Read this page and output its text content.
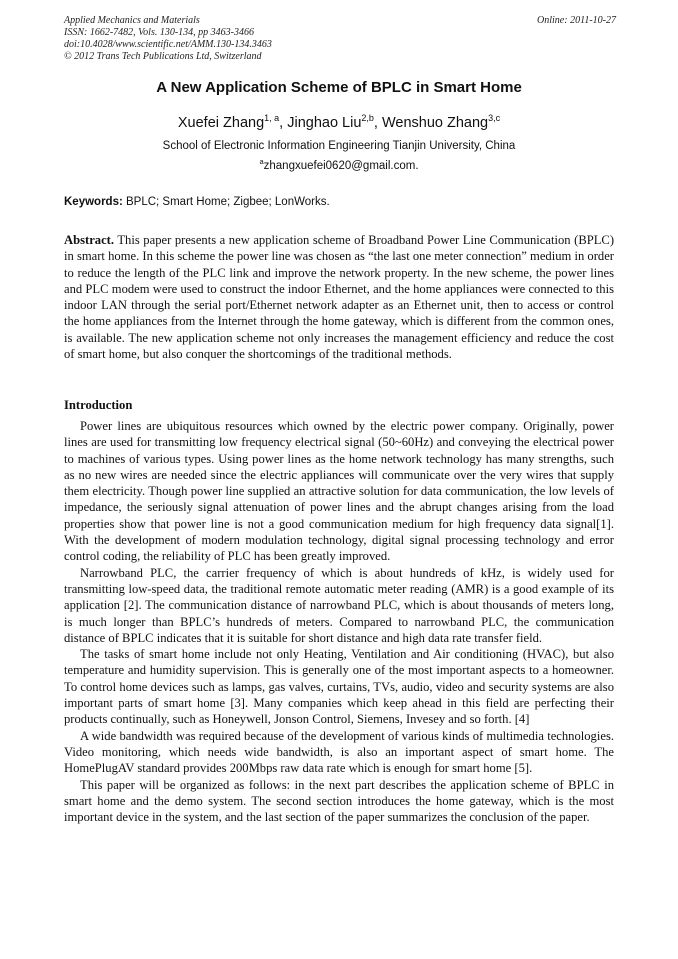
Applied Mechanics and Materials
ISSN: 1662-7482, Vols. 130-134, pp 3463-3466
doi:10.4028/www.scientific.net/AMM.130-134.3463
© 2012 Trans Tech Publications Ltd, Switzerland
Online: 2011-10-27
A New Application Scheme of BPLC in Smart Home
Xuefei Zhang$^{1, a}$, Jinghao Liu$^{2,b}$, Wenshuo Zhang$^{3,c}$
School of Electronic Information Engineering Tianjin University, China
$^a$zhangxuefei0620@gmail.com.
Keywords: BPLC; Smart Home; Zigbee; LonWorks.
Abstract. This paper presents a new application scheme of Broadband Power Line Communication (BPLC) in smart home. In this scheme the power line was chosen as “the last one meter connection” medium in order to reduce the length of the PLC link and improve the network property. In the new scheme, the power lines and PLC modem were used to construct the indoor Ethernet, and the home appliances were connected to this indoor LAN through the serial port/Ethernet network adapter as an Ethernet unit, then to access or control the home appliances from the Internet through the home gateway, which is different from the common ones, is available. The new application scheme not only increases the management efficiency and reduce the cost of smart home, but also conquer the shortcomings of the traditional methods.
Introduction

Power lines are ubiquitous resources which owned by the electric power company. Originally, power lines are used for transmitting low frequency electrical signal (50~60Hz) and conveying the electrical power to machines of various types. Using power lines as the home network technology has many strengths, such as no new wires are needed since the electric appliances will communicate over the very wires that supply them electricity. Though power line supplied an attractive solution for data communication, the low levels of impedance, the seriously signal attenuation of power lines and the abrupt changes arising from the load properties show that power line is not a good communication medium for high frequency data signal[1]. With the development of modern modulation technology, digital signal processing technology and error control coding, the reliability of PLC has been greatly improved.

Narrowband PLC, the carrier frequency of which is about hundreds of kHz, is widely used for transmitting low-speed data, the traditional remote automatic meter reading (AMR) is a good example of its application [2]. The communication distance of narrowband PLC, which is about thousands of meters long, is much longer than BPLC’s hundreds of meters. Compared to narrowband PLC, the communication distance of BPLC indicates that it is suitable for short distance and high data rate transfer field.

The tasks of smart home include not only Heating, Ventilation and Air conditioning (HVAC), but also temperature and humidity supervision. This is generally one of the most important aspects to a homeowner. To control home devices such as lamps, gas valves, curtains, TVs, audio, video and security systems are also important parts of smart home [3]. Many companies which keep ahead in this field are perfecting their products continually, such as Honeywell, Jonson Control, Siemens, Invesey and so forth. [4]

A wide bandwidth was required because of the development of various kinds of multimedia technologies. Video monitoring, which needs wide bandwidth, is also an important aspect of smart home. The HomePlugAV standard provides 200Mbps raw data rate which is enough for smart home [5].

This paper will be organized as follows: in the next part describes the application scheme of BPLC in smart home and the demo system. The second section introduces the home gateway, which is the most important device in the system, and the last section of the paper summarizes the conclusion of the paper.
